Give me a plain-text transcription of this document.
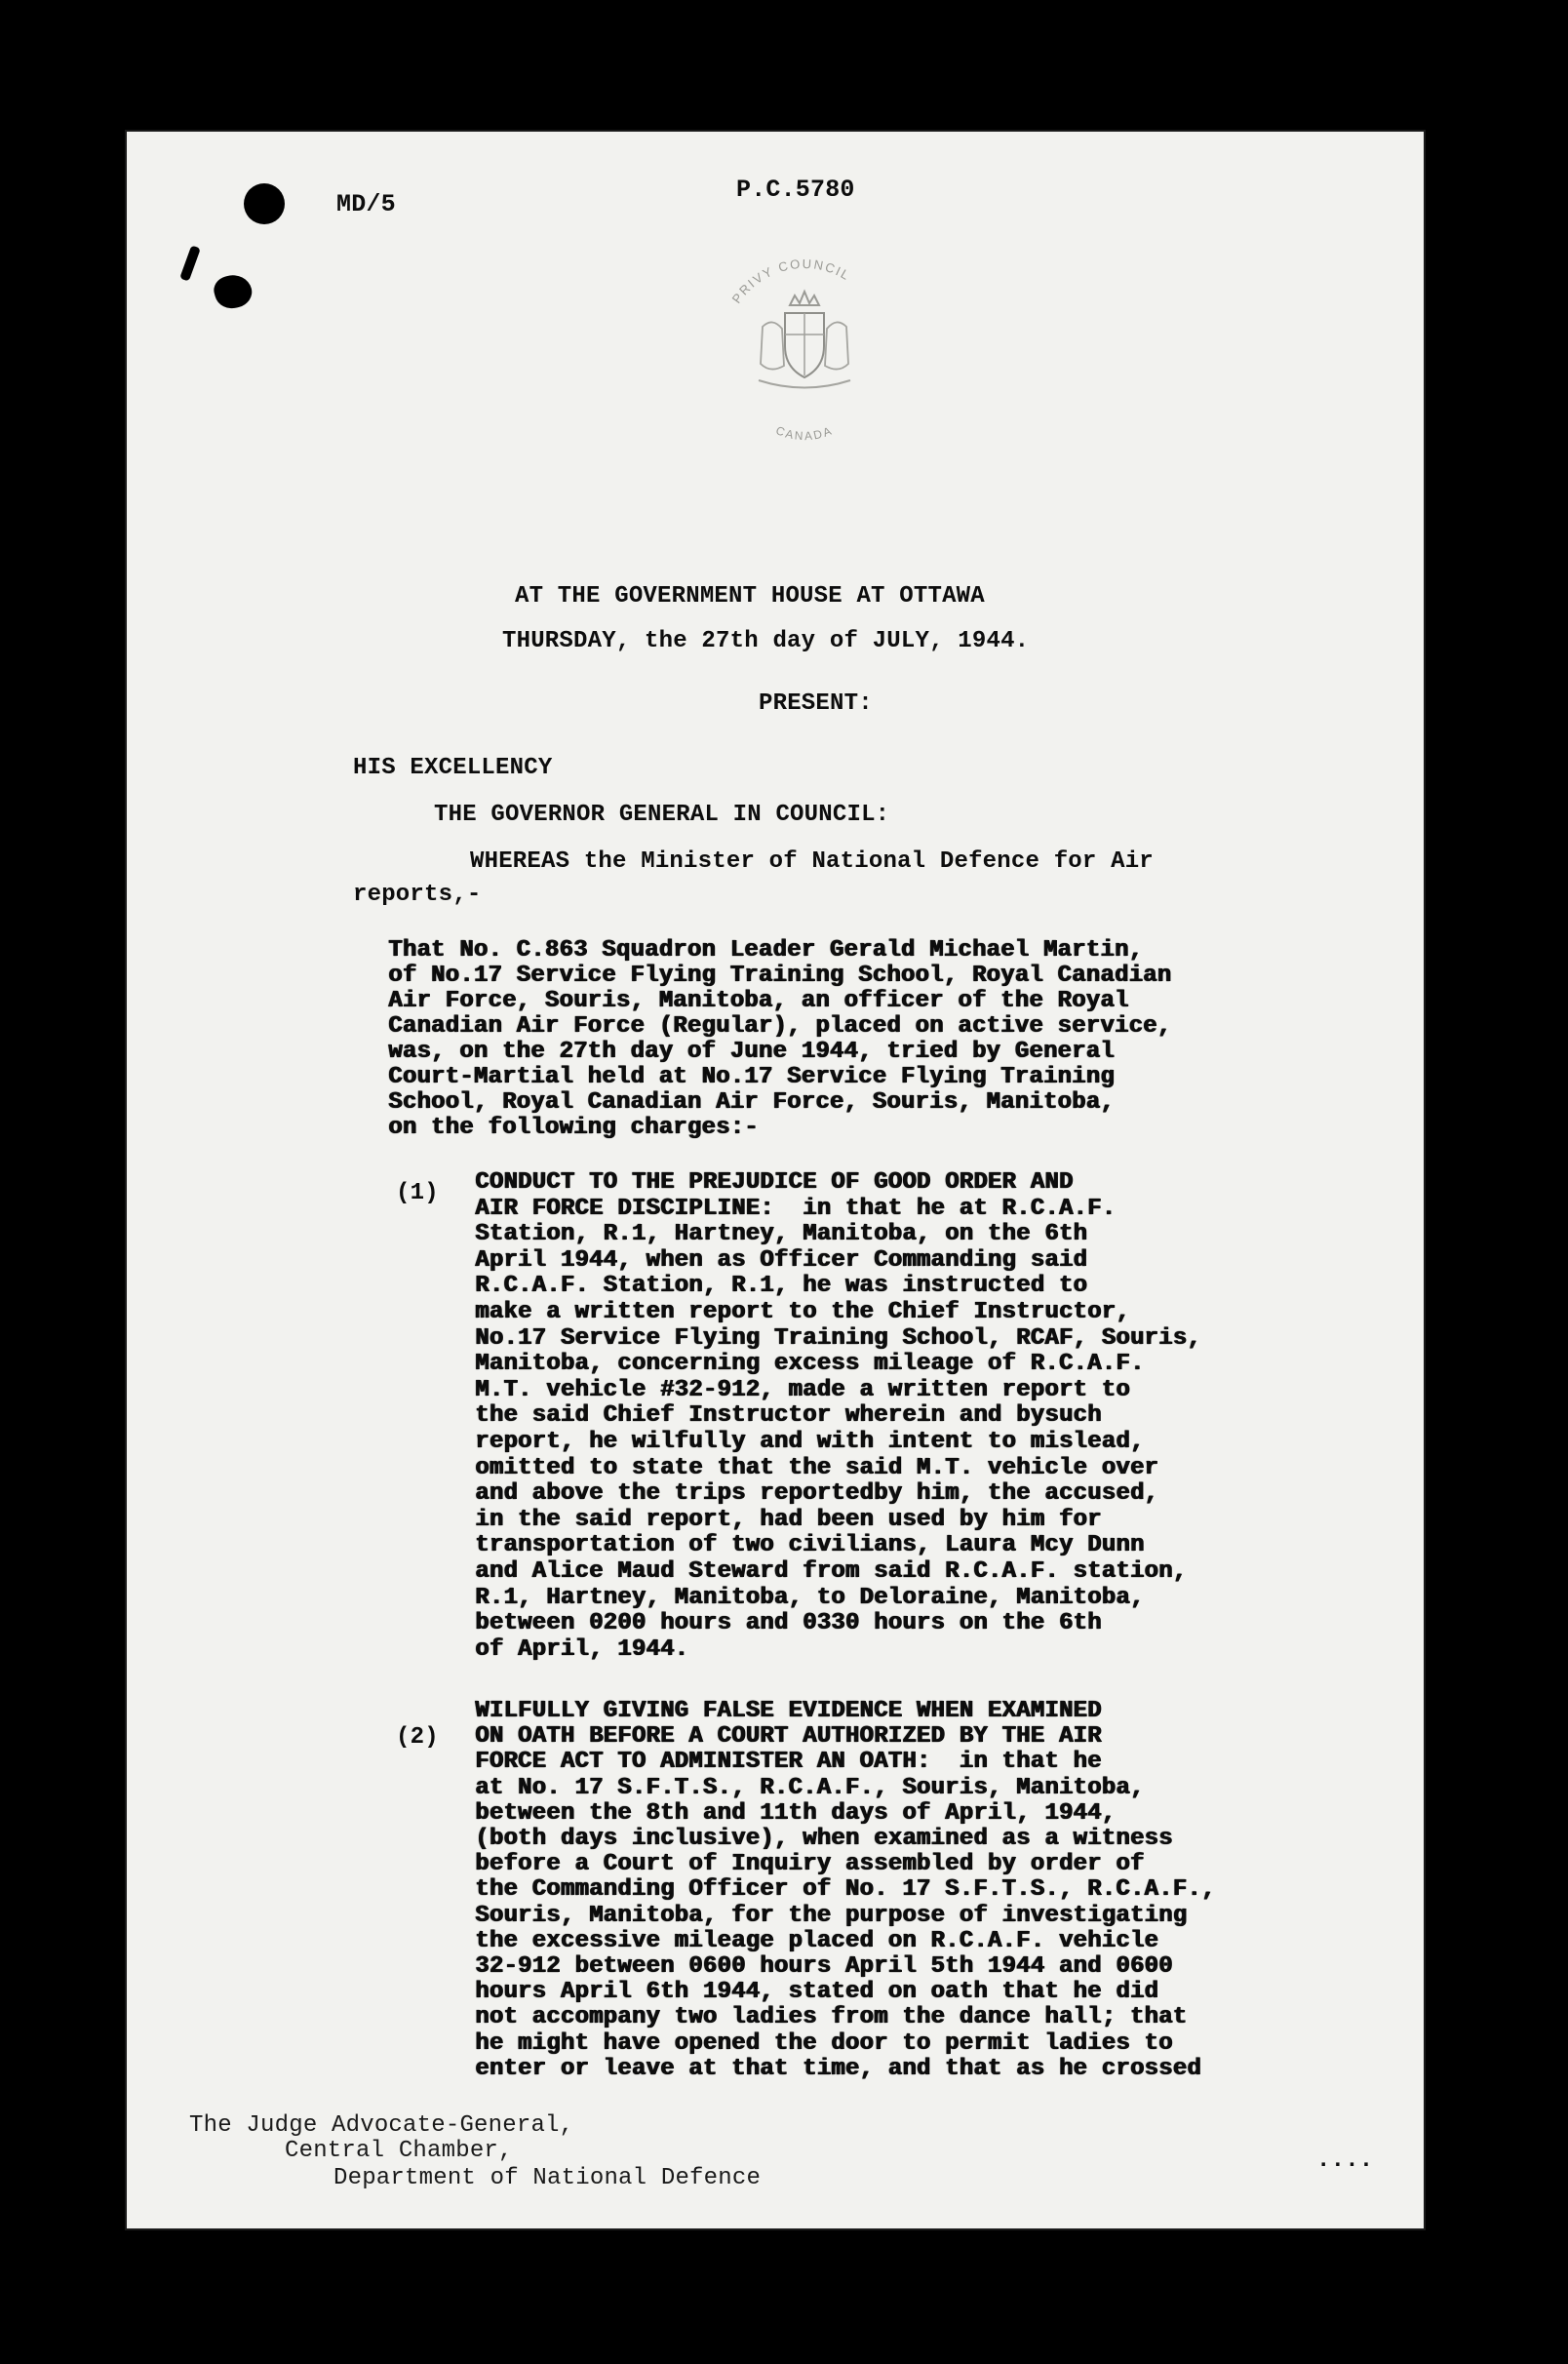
MD/5
P.C.5780
PRIVY COUNCIL
CANADA
AT THE GOVERNMENT HOUSE AT OTTAWA
THURSDAY, the 27th day of JULY, 1944.
PRESENT:
HIS EXCELLENCY
THE GOVERNOR GENERAL IN COUNCIL:
WHEREAS the Minister of National Defence for Air
reports,-
That No. C.863 Squadron Leader Gerald Michael Martin,
of No.17 Service Flying Training School, Royal Canadian
Air Force, Souris, Manitoba, an officer of the Royal
Canadian Air Force (Regular), placed on active service,
was, on the 27th day of June 1944, tried by General
Court-Martial held at No.17 Service Flying Training
School, Royal Canadian Air Force, Souris, Manitoba,
on the following charges:-
(1) CONDUCT TO THE PREJUDICE OF GOOD ORDER AND
AIR FORCE DISCIPLINE:  in that he at R.C.A.F.
Station, R.1, Hartney, Manitoba, on the 6th
April 1944, when as Officer Commanding said
R.C.A.F. Station, R.1, he was instructed to
make a written report to the Chief Instructor,
No.17 Service Flying Training School, RCAF, Souris,
Manitoba, concerning excess mileage of R.C.A.F.
M.T. vehicle #32-912, made a written report to
the said Chief Instructor wherein and bysuch
report, he wilfully and with intent to mislead,
omitted to state that the said M.T. vehicle over
and above the trips reportedby him, the accused,
in the said report, had been used by him for
transportation of two civilians, Laura Mcy Dunn
and Alice Maud Steward from said R.C.A.F. station,
R.1, Hartney, Manitoba, to Deloraine, Manitoba,
between 0200 hours and 0330 hours on the 6th
of April, 1944.
(2)
WILFULLY GIVING FALSE EVIDENCE WHEN EXAMINED
ON OATH BEFORE A COURT AUTHORIZED BY THE AIR
FORCE ACT TO ADMINISTER AN OATH:  in that he
at No. 17 S.F.T.S., R.C.A.F., Souris, Manitoba,
between the 8th and 11th days of April, 1944,
(both days inclusive), when examined as a witness
before a Court of Inquiry assembled by order of
the Commanding Officer of No. 17 S.F.T.S., R.C.A.F.,
Souris, Manitoba, for the purpose of investigating
the excessive mileage placed on R.C.A.F. vehicle
32-912 between 0600 hours April 5th 1944 and 0600
hours April 6th 1944, stated on oath that he did
not accompany two ladies from the dance hall; that
he might have opened the door to permit ladies to
enter or leave at that time, and that as he crossed
The Judge Advocate-General,
Central Chamber,
Department of National Defence
....
